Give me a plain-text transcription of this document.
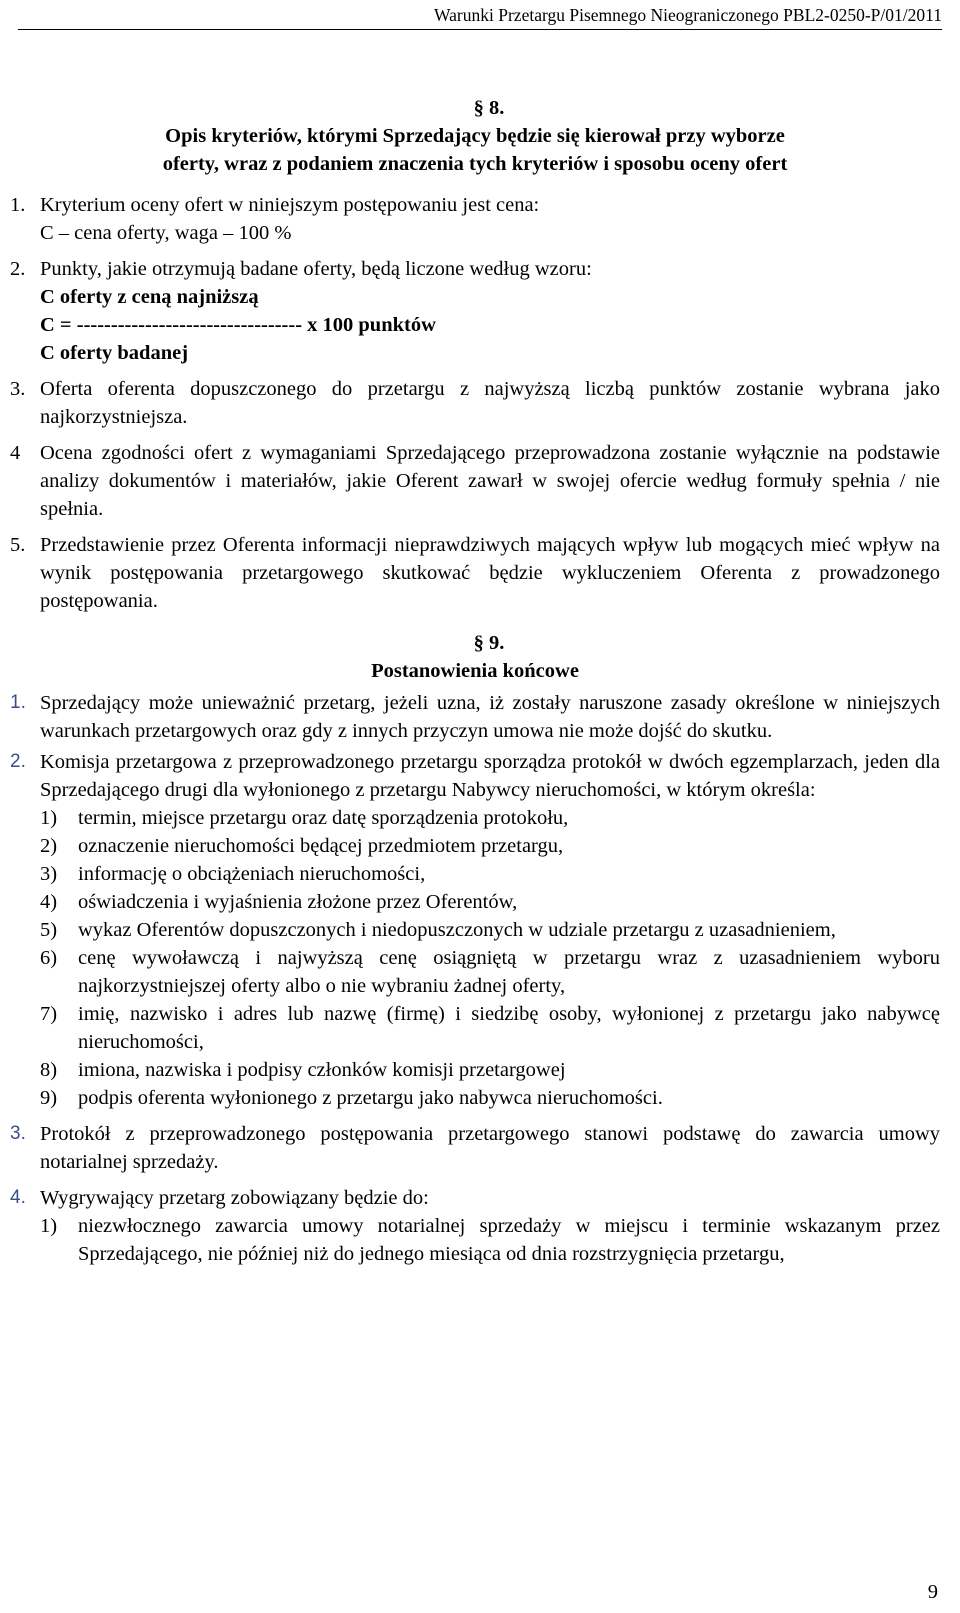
Warunki Przetargu Pisemnego Nieograniczonego PBL2-0250-P/01/2011
§ 8.
Opis kryteriów, którymi Sprzedający będzie się kierował przy wyborze
oferty, wraz z podaniem znaczenia tych kryteriów i sposobu oceny ofert
1. Kryterium oceny ofert w niniejszym postępowaniu jest cena:
C – cena oferty, waga – 100 %
2. Punkty, jakie otrzymują badane oferty, będą liczone według wzoru:
C oferty z ceną najniższą
C = --------------------------------- x 100 punktów
C oferty badanej
3. Oferta oferenta dopuszczonego do przetargu z najwyższą liczbą punktów zostanie wybrana jako najkorzystniejsza.
4 Ocena zgodności ofert z wymaganiami Sprzedającego przeprowadzona zostanie wyłącznie na podstawie analizy dokumentów i materiałów, jakie Oferent zawarł w swojej ofercie według formuły spełnia / nie spełnia.
5. Przedstawienie przez Oferenta informacji nieprawdziwych mających wpływ lub mogących mieć wpływ na wynik postępowania przetargowego skutkować będzie wykluczeniem Oferenta z prowadzonego postępowania.
§ 9.
Postanowienia końcowe
1. Sprzedający może unieważnić przetarg, jeżeli uzna, iż zostały naruszone zasady określone w niniejszych warunkach przetargowych oraz gdy z innych przyczyn umowa nie może dojść do skutku.
2. Komisja przetargowa z przeprowadzonego przetargu sporządza protokół w dwóch egzemplarzach, jeden dla Sprzedającego drugi dla wyłonionego z przetargu Nabywcy nieruchomości, w którym określa:
1) termin, miejsce przetargu oraz datę sporządzenia protokołu,
2) oznaczenie nieruchomości będącej przedmiotem przetargu,
3) informację o obciążeniach nieruchomości,
4) oświadczenia i wyjaśnienia złożone przez Oferentów,
5) wykaz Oferentów dopuszczonych i niedopuszczonych w udziale przetargu z uzasadnieniem,
6) cenę wywoławczą i najwyższą cenę osiągniętą w przetargu wraz z uzasadnieniem wyboru najkorzystniejszej oferty albo o nie wybraniu żadnej oferty,
7) imię, nazwisko i adres lub nazwę (firmę) i siedzibę osoby, wyłonionej z przetargu jako nabywcę nieruchomości,
8) imiona, nazwiska i podpisy członków komisji przetargowej
9) podpis oferenta wyłonionego z przetargu jako nabywca nieruchomości.
3. Protokół z przeprowadzonego postępowania przetargowego stanowi podstawę do zawarcia umowy notarialnej sprzedaży.
4. Wygrywający przetarg zobowiązany będzie do:
1) niezwłocznego zawarcia umowy notarialnej sprzedaży w miejscu i terminie wskazanym przez Sprzedającego, nie później niż do jednego miesiąca od dnia rozstrzygnięcia przetargu,
9
